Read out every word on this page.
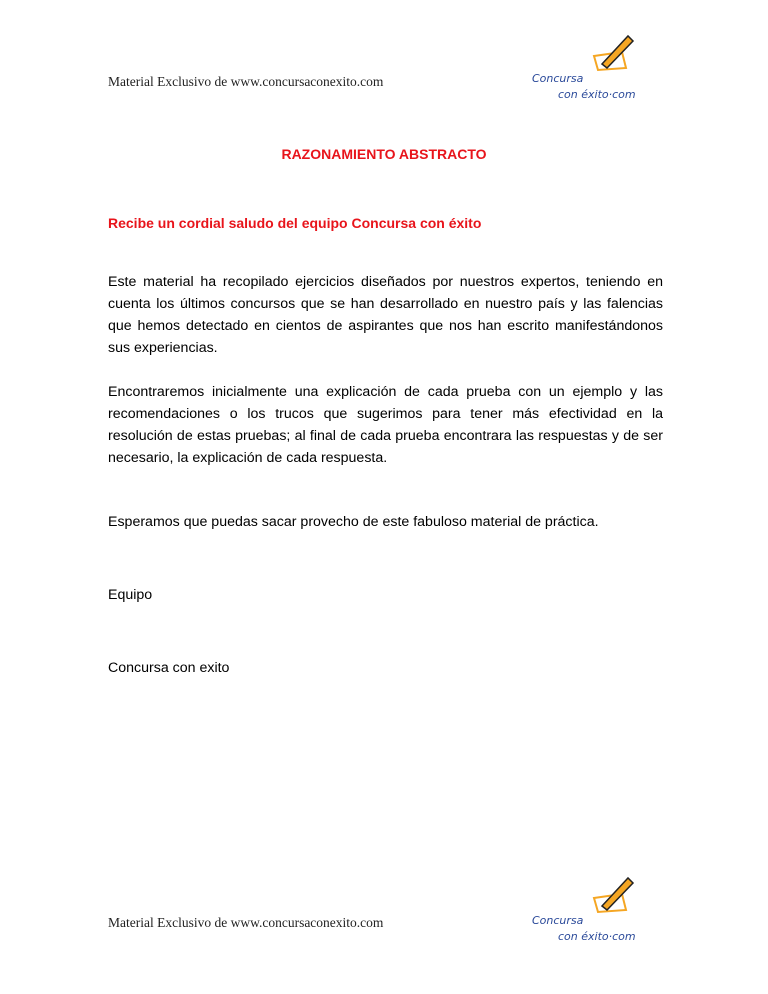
Material Exclusivo de www.concursaconexito.com	Concursa
con éxito·com
RAZONAMIENTO ABSTRACTO
Recibe un cordial saludo del equipo Concursa con éxito
Este material ha recopilado ejercicios diseñados por nuestros expertos, teniendo en cuenta los últimos concursos que se han desarrollado en nuestro país y las falencias que hemos detectado en cientos de aspirantes que nos han escrito manifestándonos sus experiencias.
Encontraremos inicialmente una explicación de cada prueba con un ejemplo y las recomendaciones o los trucos que sugerimos para tener más efectividad en la resolución de estas pruebas; al final de cada prueba encontrara las respuestas y de ser necesario, la explicación de cada respuesta.
Esperamos que puedas sacar provecho de este fabuloso material de práctica.
Equipo
Concursa con exito
Material Exclusivo de www.concursaconexito.com	Concursa
con éxito·com
